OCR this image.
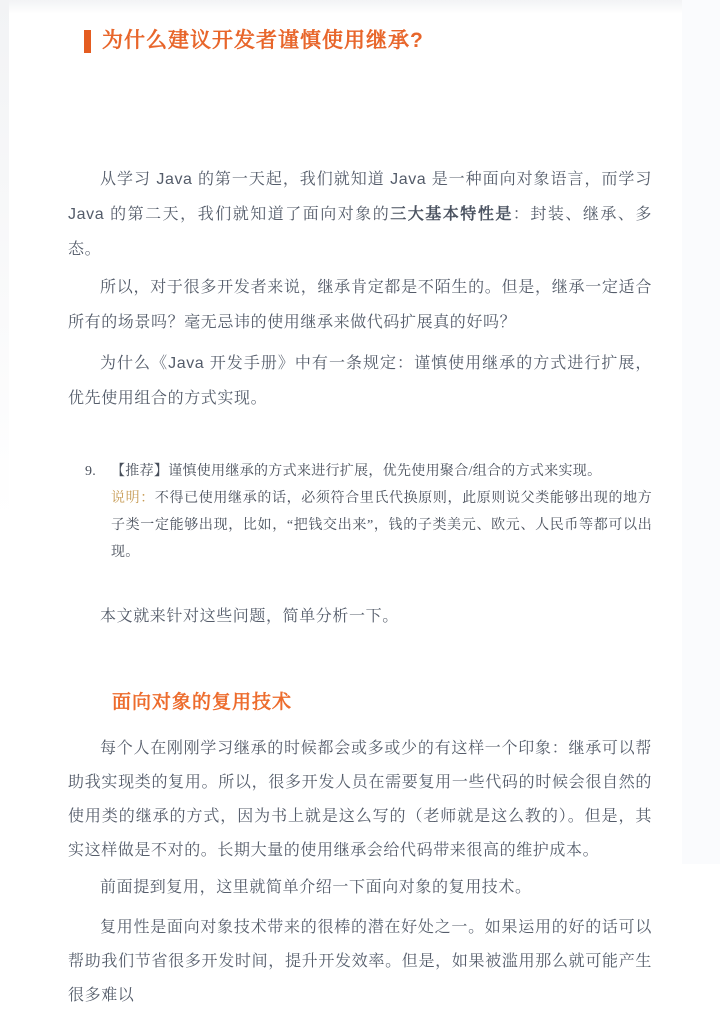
为什么建议开发者谨慎使用继承?

从学习 Java 的第一天起，我们就知道 Java 是一种面向对象语言，而学习 Java 的第二天，我们就知道了面向对象的三大基本特性是：封装、继承、多态。

所以，对于很多开发者来说，继承肯定都是不陌生的。但是，继承一定适合所有的场景吗？毫无忌讳的使用继承来做代码扩展真的好吗？

为什么《Java 开发手册》中有一条规定：谨慎使用继承的方式进行扩展，优先使用组合的方式实现。

9.	【推荐】谨慎使用继承的方式来进行扩展，优先使用聚合/组合的方式来实现。

说明：不得已使用继承的话，必须符合里氏代换原则，此原则说父类能够出现的地方子类一定能够出现，比如，“把钱交出来”，钱的子类美元、欧元、人民币等都可以出现。

本文就来针对这些问题，简单分析一下。

面向对象的复用技术

每个人在刚刚学习继承的时候都会或多或少的有这样一个印象：继承可以帮助我实现类的复用。所以，很多开发人员在需要复用一些代码的时候会很自然的使用类的继承的方式，因为书上就是这么写的（老师就是这么教的）。但是，其实这样做是不对的。长期大量的使用继承会给代码带来很高的维护成本。

前面提到复用，这里就简单介绍一下面向对象的复用技术。

复用性是面向对象技术带来的很棒的潜在好处之一。如果运用的好的话可以帮助我们节省很多开发时间，提升开发效率。但是，如果被滥用那么就可能产生很多难以
